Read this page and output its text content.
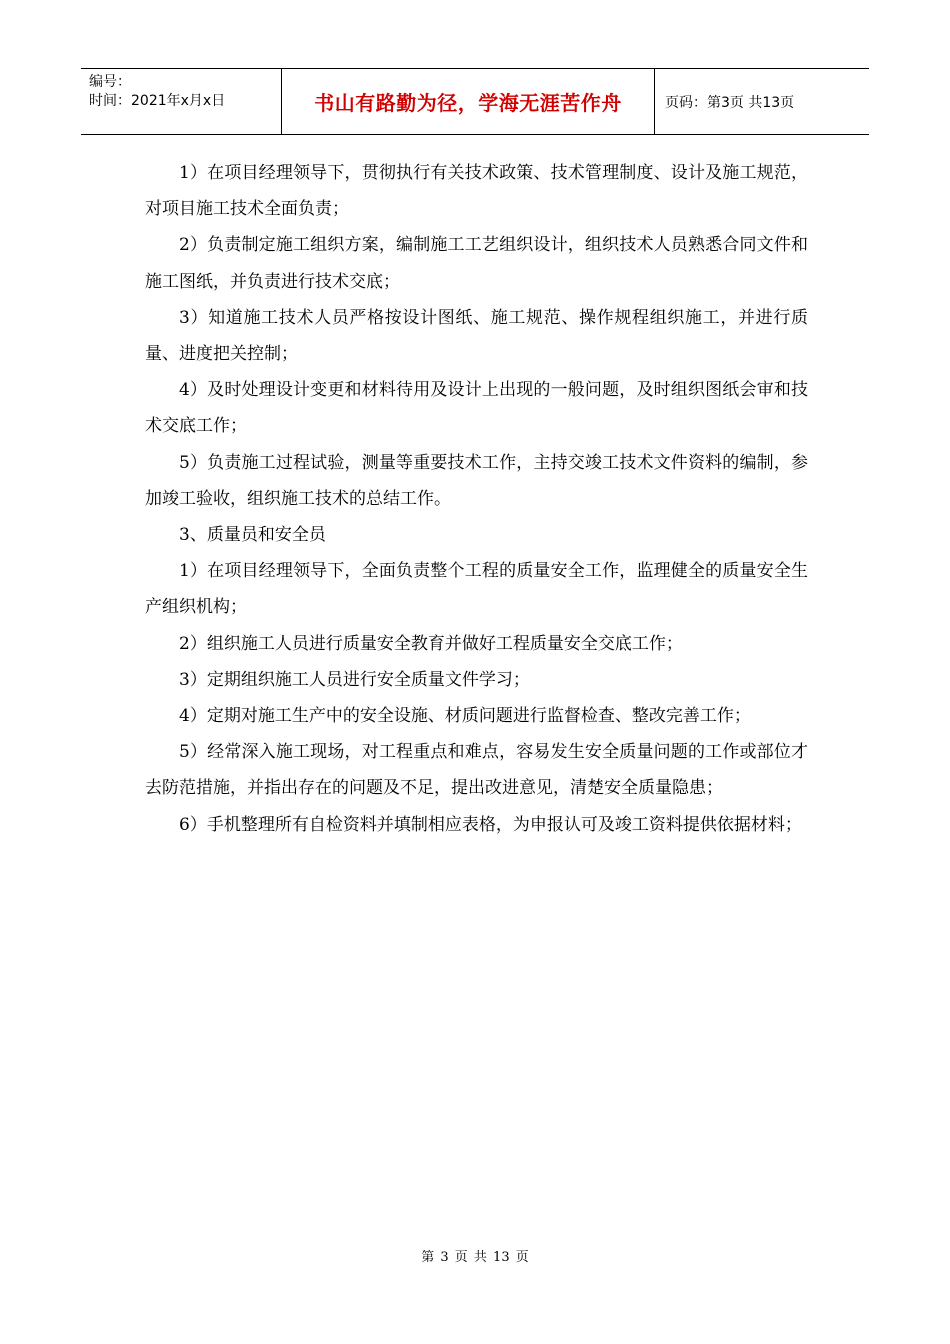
编号：
时间：2021年x月x日	书山有路勤为径，学海无涯苦作舟	页码：第3页 共13页

1）在项目经理领导下，贯彻执行有关技术政策、技术管理制度、设计及施工规范，对项目施工技术全面负责；

2）负责制定施工组织方案，编制施工工艺组织设计，组织技术人员熟悉合同文件和施工图纸，并负责进行技术交底；

3）知道施工技术人员严格按设计图纸、施工规范、操作规程组织施工，并进行质量、进度把关控制；

4）及时处理设计变更和材料待用及设计上出现的一般问题，及时组织图纸会审和技术交底工作；

5）负责施工过程试验，测量等重要技术工作，主持交竣工技术文件资料的编制，参加竣工验收，组织施工技术的总结工作。

3、质量员和安全员

1）在项目经理领导下，全面负责整个工程的质量安全工作，监理健全的质量安全生产组织机构；

2）组织施工人员进行质量安全教育并做好工程质量安全交底工作；

3）定期组织施工人员进行安全质量文件学习；

4）定期对施工生产中的安全设施、材质问题进行监督检查、整改完善工作；

5）经常深入施工现场，对工程重点和难点，容易发生安全质量问题的工作或部位才去防范措施，并指出存在的问题及不足，提出改进意见，清楚安全质量隐患；

6）手机整理所有自检资料并填制相应表格，为申报认可及竣工资料提供依据材料；

第 3 页 共 13 页
